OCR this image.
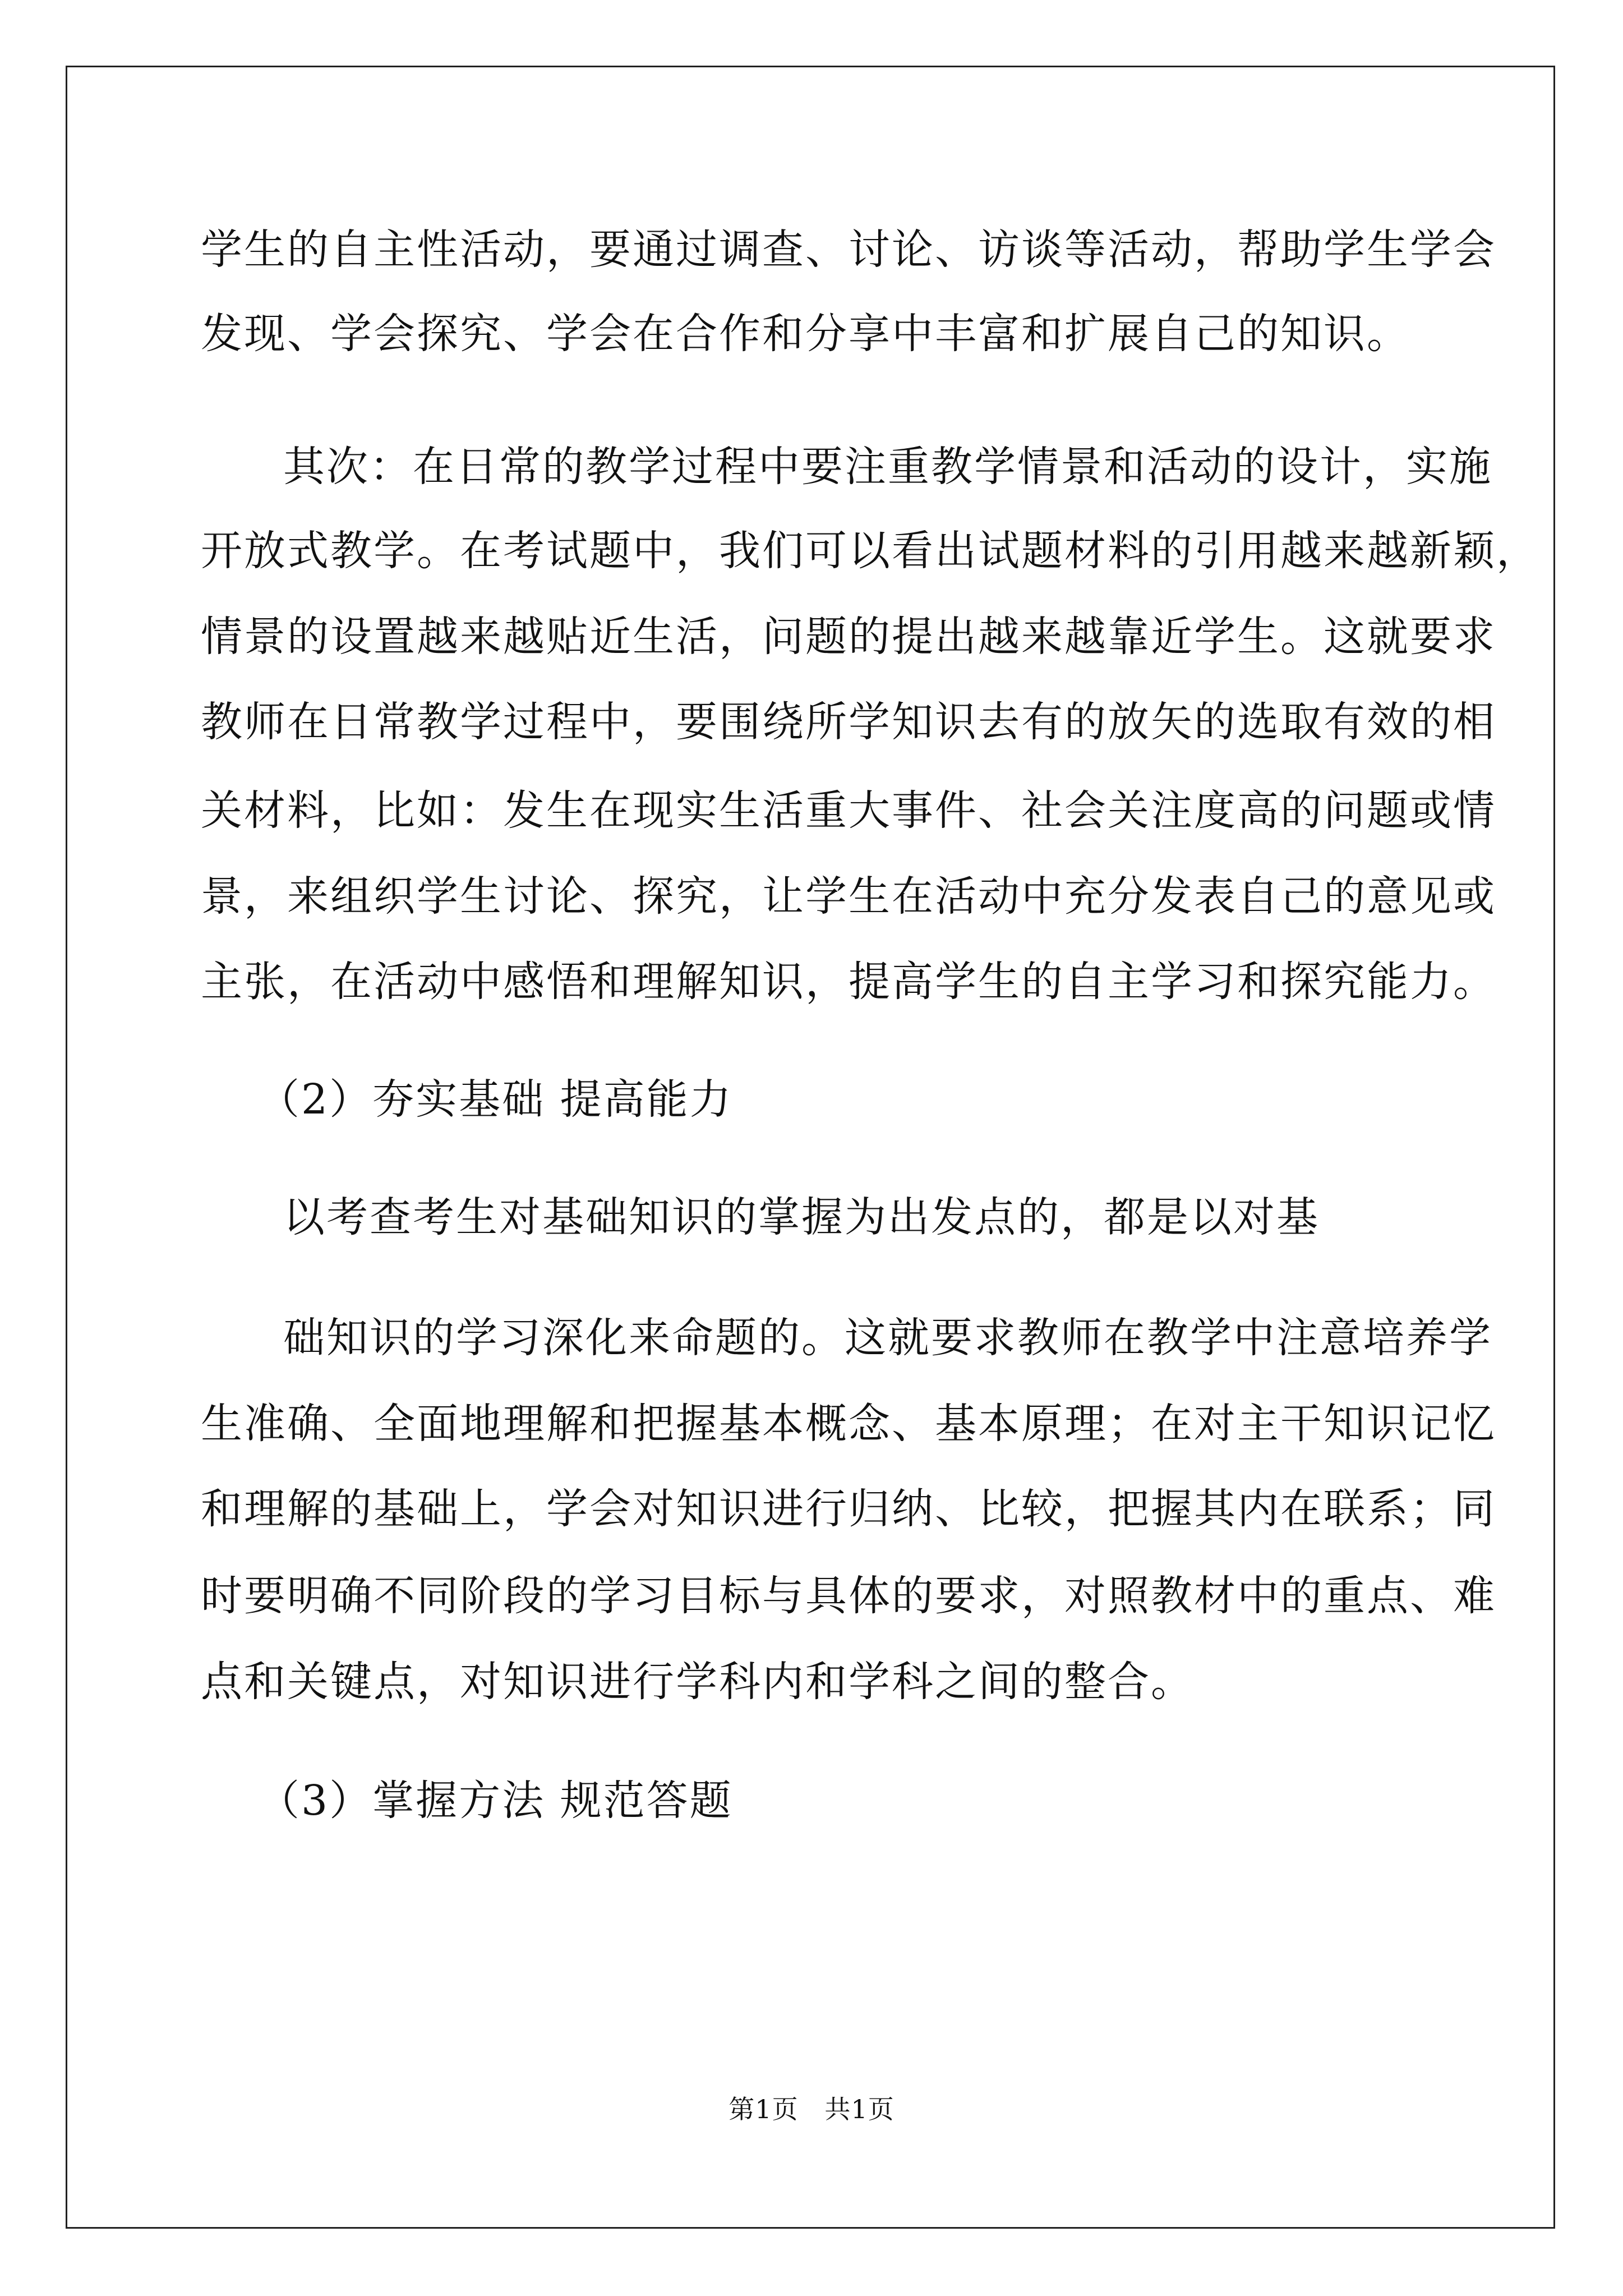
学生的自主性活动，要通过调查、讨论、访谈等活动，帮助学生学会
发现、学会探究、学会在合作和分享中丰富和扩展自己的知识。
其次：在日常的教学过程中要注重教学情景和活动的设计，实施
开放式教学。在考试题中，我们可以看出试题材料的引用越来越新颖，
情景的设置越来越贴近生活，问题的提出越来越靠近学生。这就要求
教师在日常教学过程中，要围绕所学知识去有的放矢的选取有效的相
关材料，比如：发生在现实生活重大事件、社会关注度高的问题或情
景，来组织学生讨论、探究，让学生在活动中充分发表自己的意见或
主张，在活动中感悟和理解知识，提高学生的自主学习和探究能力。
（2）夯实基础 提高能力
以考查考生对基础知识的掌握为出发点的，都是以对基
础知识的学习深化来命题的。这就要求教师在教学中注意培养学
生准确、全面地理解和把握基本概念、基本原理；在对主干知识记忆
和理解的基础上，学会对知识进行归纳、比较，把握其内在联系；同
时要明确不同阶段的学习目标与具体的要求，对照教材中的重点、难
点和关键点，对知识进行学科内和学科之间的整合。
（3）掌握方法 规范答题
第1页   共1页
